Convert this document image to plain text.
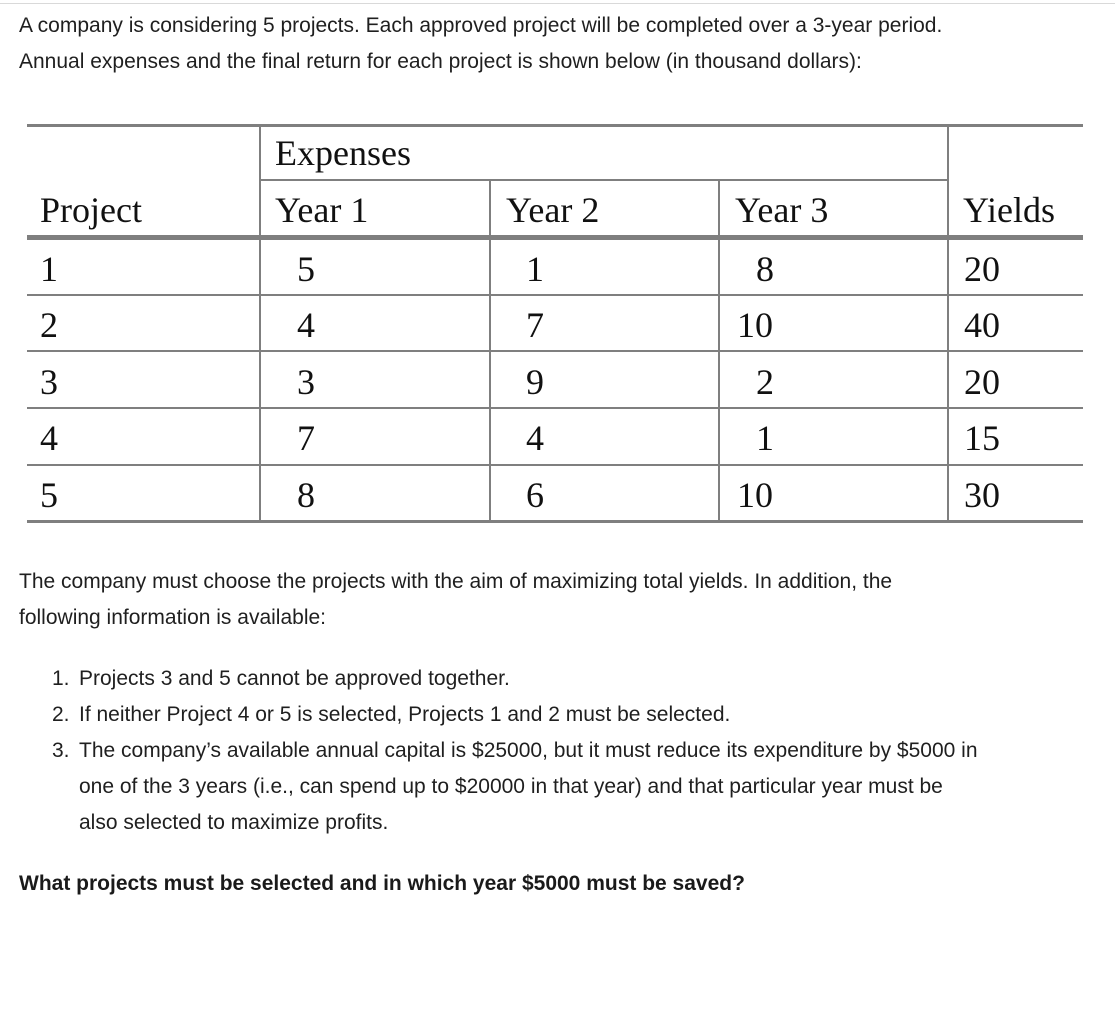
A company is considering 5 projects. Each approved project will be completed over a 3-year period.

Annual expenses and the final return for each project is shown below (in thousand dollars):

Expenses
Project	Year 1	Year 2	Year 3	Yields
1	5	1	8	20
2	4	7	10	40
3	3	9	2	20
4	7	4	1	15
5	8	6	10	30

The company must choose the projects with the aim of maximizing total yields. In addition, the

following information is available:

1. Projects 3 and 5 cannot be approved together.
2. If neither Project 4 or 5 is selected, Projects 1 and 2 must be selected.
3. The company’s available annual capital is $25000, but it must reduce its expenditure by $5000 in
one of the 3 years (i.e., can spend up to $20000 in that year) and that particular year must be
also selected to maximize profits.
What projects must be selected and in which year $5000 must be saved?
